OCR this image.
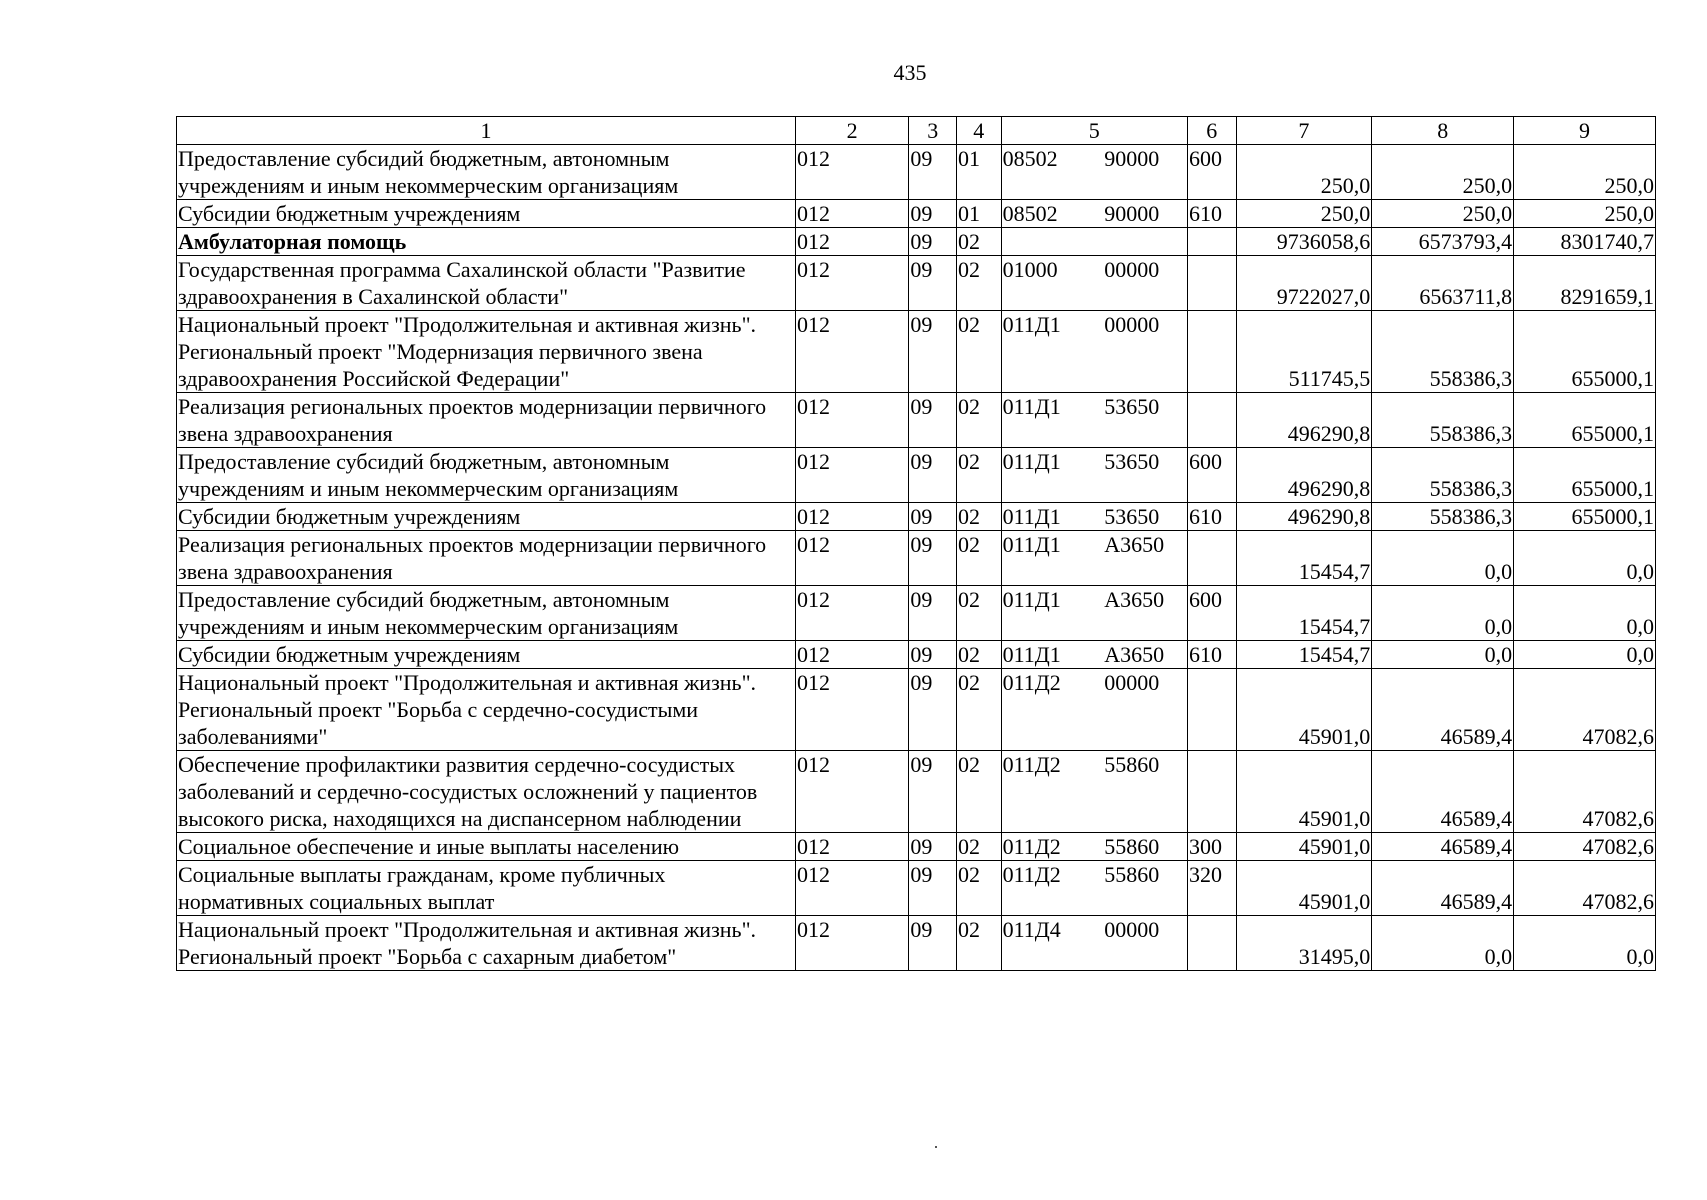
435
1	2	3	4	5		6	7	8	9
Предоставление субсидий бюджетным, автономным учреждениям и иным некоммерческим организациям	012	09	01	08502	90000	600	250,0	250,0	250,0
Субсидии бюджетным учреждениям	012	09	01	08502	90000	610	250,0	250,0	250,0
Амбулаторная помощь	012	09	02				9736058,6	6573793,4	8301740,7
Государственная программа Сахалинской области "Развитие здравоохранения в Сахалинской области"	012	09	02	01000	00000		9722027,0	6563711,8	8291659,1
Национальный проект "Продолжительная и активная жизнь". Региональный проект "Модернизация первичного звена здравоохранения Российской Федерации"	012	09	02	011Д1	00000		511745,5	558386,3	655000,1
Реализация региональных проектов модернизации первичного звена здравоохранения	012	09	02	011Д1	53650		496290,8	558386,3	655000,1
Предоставление субсидий бюджетным, автономным учреждениям и иным некоммерческим организациям	012	09	02	011Д1	53650	600	496290,8	558386,3	655000,1
Субсидии бюджетным учреждениям	012	09	02	011Д1	53650	610	496290,8	558386,3	655000,1
Реализация региональных проектов модернизации первичного звена здравоохранения	012	09	02	011Д1	А3650		15454,7	0,0	0,0
Предоставление субсидий бюджетным, автономным учреждениям и иным некоммерческим организациям	012	09	02	011Д1	А3650	600	15454,7	0,0	0,0
Субсидии бюджетным учреждениям	012	09	02	011Д1	А3650	610	15454,7	0,0	0,0
Национальный проект "Продолжительная и активная жизнь". Региональный проект "Борьба с сердечно-сосудистыми заболеваниями"	012	09	02	011Д2	00000		45901,0	46589,4	47082,6
Обеспечение профилактики развития сердечно-сосудистых заболеваний и сердечно-сосудистых осложнений у пациентов высокого риска, находящихся на диспансерном наблюдении	012	09	02	011Д2	55860		45901,0	46589,4	47082,6
Социальное обеспечение и иные выплаты населению	012	09	02	011Д2	55860	300	45901,0	46589,4	47082,6
Социальные выплаты гражданам, кроме публичных нормативных социальных выплат	012	09	02	011Д2	55860	320	45901,0	46589,4	47082,6
Национальный проект "Продолжительная и активная жизнь". Региональный проект "Борьба с сахарным диабетом"	012	09	02	011Д4	00000		31495,0	0,0	0,0
